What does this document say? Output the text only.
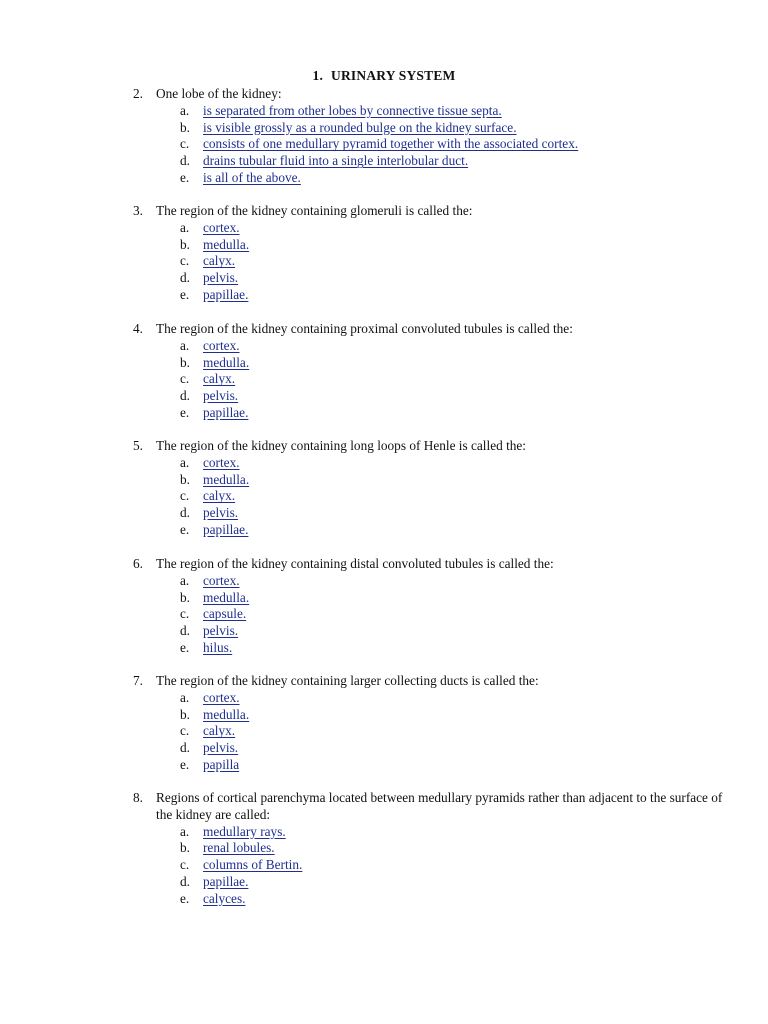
1. URINARY SYSTEM
2. One lobe of the kidney:
a.	is separated from other lobes by connective tissue septa.
b. is visible grossly as a rounded bulge on the kidney surface.
c.	consists of one medullary pyramid together with the associated cortex.
d. drains tubular fluid into a single interlobular duct.
e.	is all of the above.
3. The region of the kidney containing glomeruli is called the:
a.	cortex.
b. medulla.
c.	calyx.
d. pelvis.
e.	papillae.
4. The region of the kidney containing proximal convoluted tubules is called the:
a.	cortex.
b. medulla.
c.	calyx.
d. pelvis.
e.	papillae.
5. The region of the kidney containing long loops of Henle is called the:
a.	cortex.
b. medulla.
c.	calyx.
d. pelvis.
e.	papillae.
6. The region of the kidney containing distal convoluted tubules is called the:
a.	cortex.
b. medulla.
c.	capsule.
d. pelvis.
e.	hilus.
7. The region of the kidney containing larger collecting ducts is called the:
a.	cortex.
b. medulla.
c.	calyx.
d. pelvis.
e.	papilla
8. Regions of cortical parenchyma located between medullary pyramids rather than adjacent to the surface of the kidney are called:
a.	medullary rays.
b. renal lobules.
c.	columns of Bertin.
d. papillae.
e.	calyces.
